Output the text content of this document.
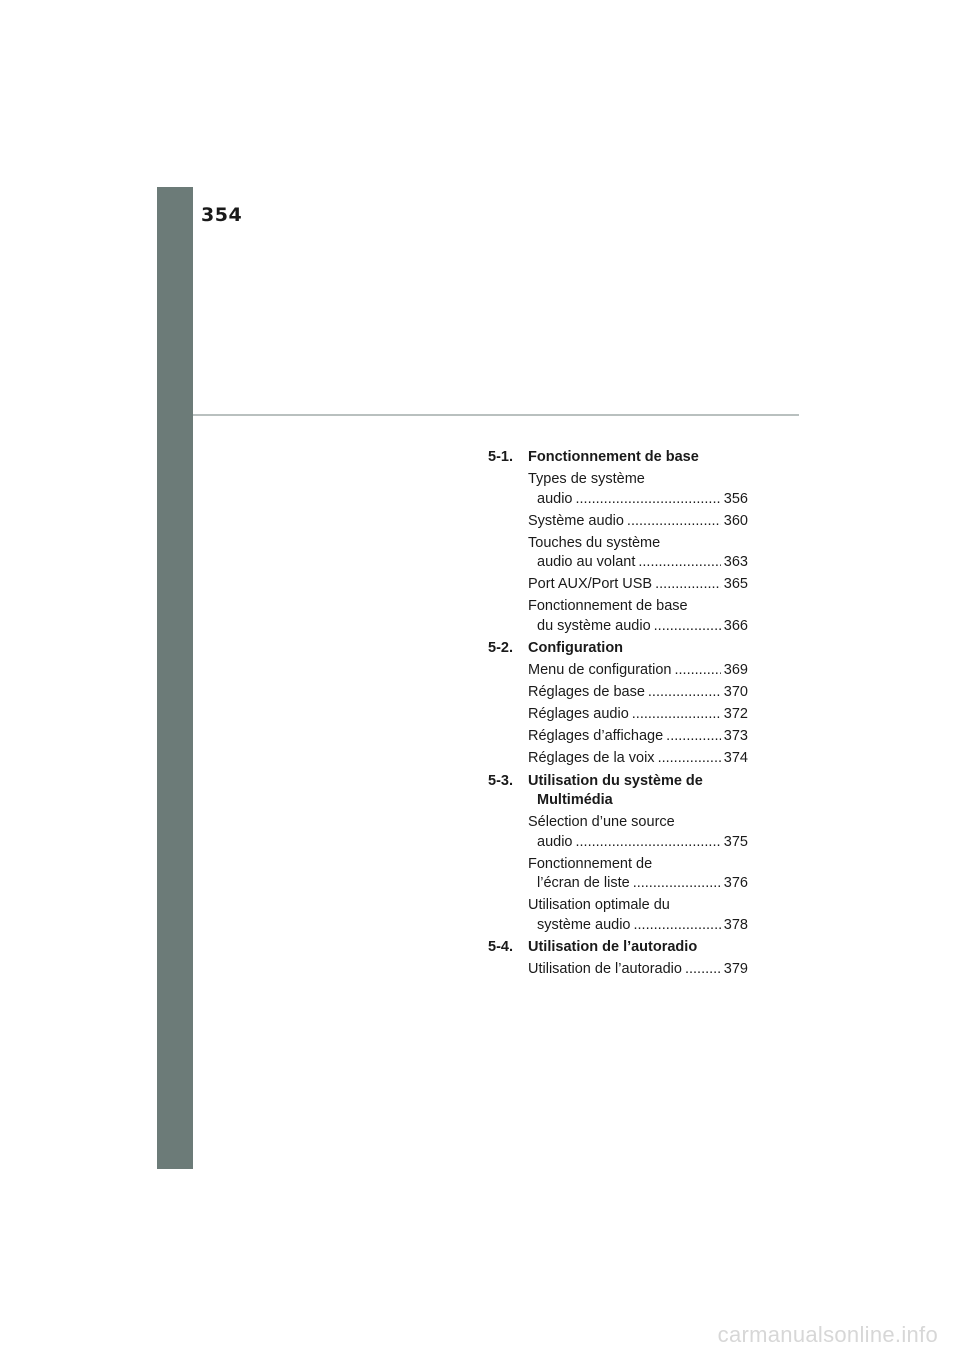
354
5-1.	Fonctionnement de base
Types de système
audio .....	356
Système audio .....	360
Touches du système
audio au volant .....	363
Port AUX/Port USB .....	365
Fonctionnement de base
du système audio .....	366
5-2.	Configuration
Menu de configuration .....	369
Réglages de base .....	370
Réglages audio .....	372
Réglages d’affichage .....	373
Réglages de la voix .....	374
5-3.	Utilisation du système de
Multimédia
Sélection d’une source
audio .....	375
Fonctionnement de
l’écran de liste .....	376
Utilisation optimale du
système audio .....	378
5-4.	Utilisation de l’autoradio
Utilisation de l’autoradio .....	379
carmanualsonline.info
